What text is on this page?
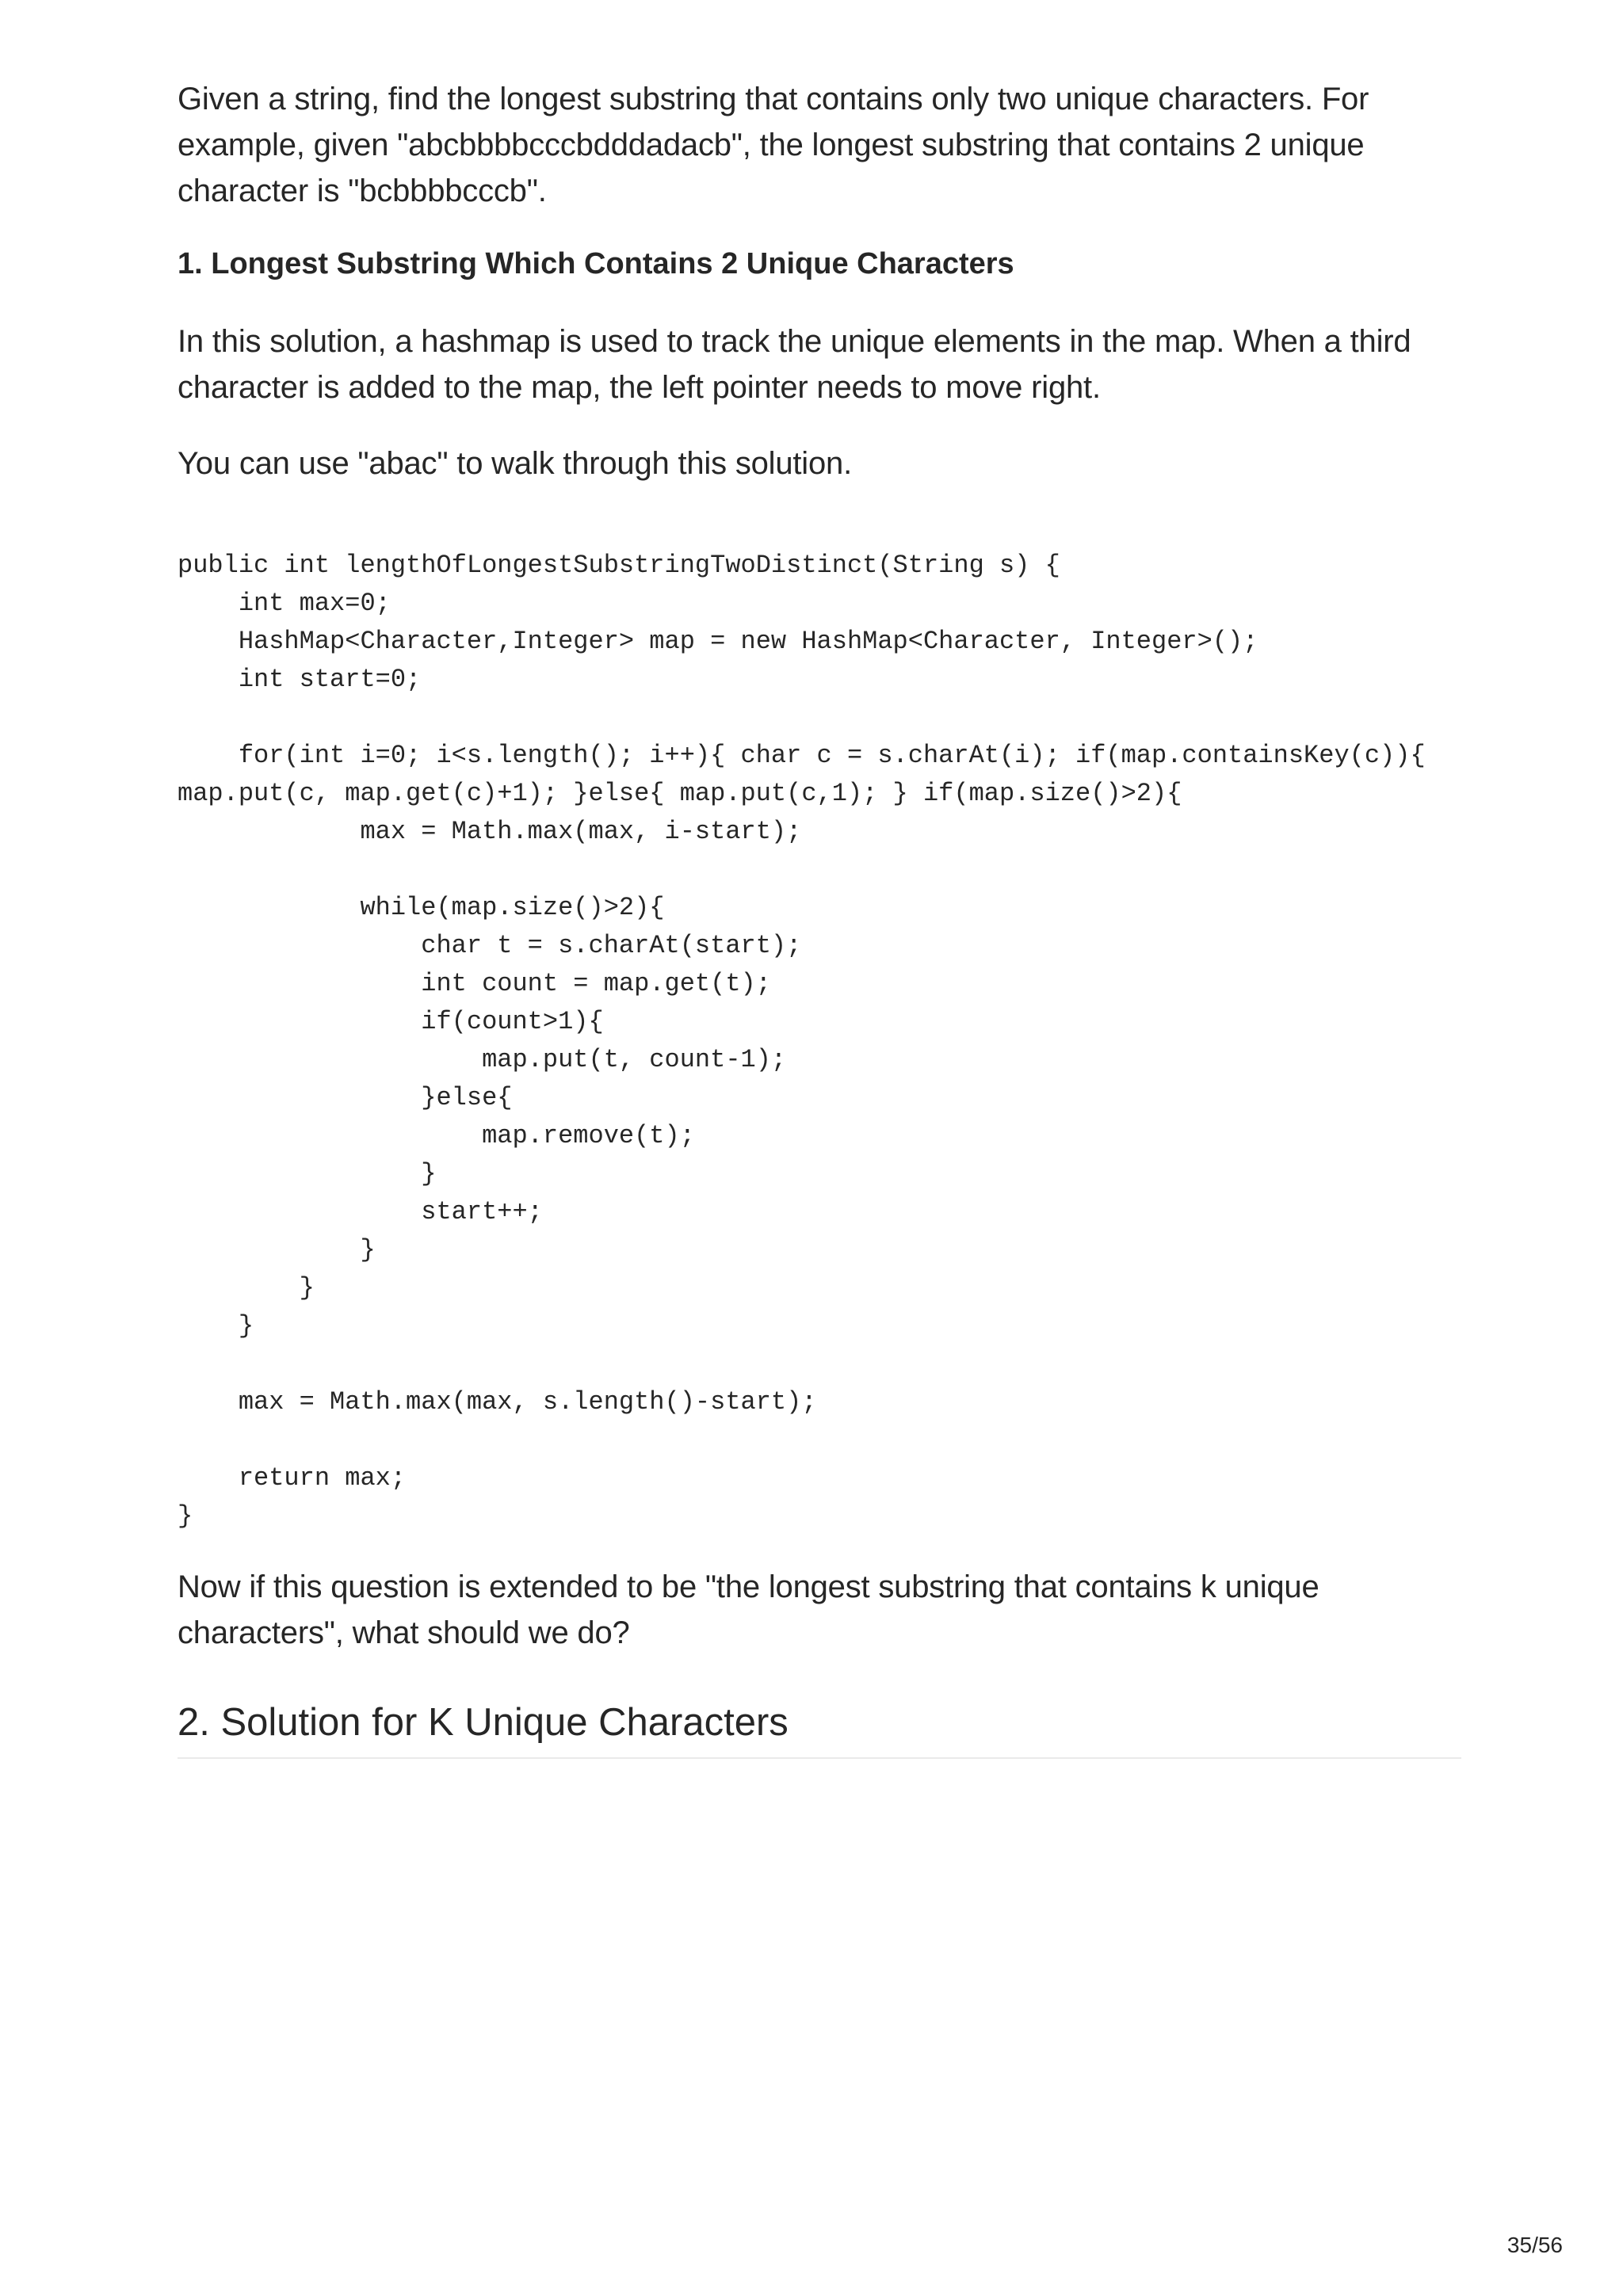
Given a string, find the longest substring that contains only two unique characters. For example, given "abcbbbbcccbdddadacb", the longest substring that contains 2 unique character is "bcbbbbcccb".

1. Longest Substring Which Contains 2 Unique Characters

In this solution, a hashmap is used to track the unique elements in the map. When a third character is added to the map, the left pointer needs to move right.

You can use "abac" to walk through this solution.

public int lengthOfLongestSubstringTwoDistinct(String s) {
int max=0;
HashMap<Character,Integer> map = new HashMap<Character, Integer>();
int start=0;
for(int i=0; i<s.length(); i++){ char c = s.charAt(i); if(map.containsKey(c)){
map.put(c, map.get(c)+1); }else{ map.put(c,1); } if(map.size()>2){
max = Math.max(max, i-start);
while(map.size()>2){
char t = s.charAt(start);
int count = map.get(t);
if(count>1){
map.put(t, count-1);
}else{
map.remove(t);
}
start++;
}
}
}
max = Math.max(max, s.length()-start);
return max;
}

Now if this question is extended to be "the longest substring that contains k unique characters", what should we do?

2. Solution for K Unique Characters
35/56
